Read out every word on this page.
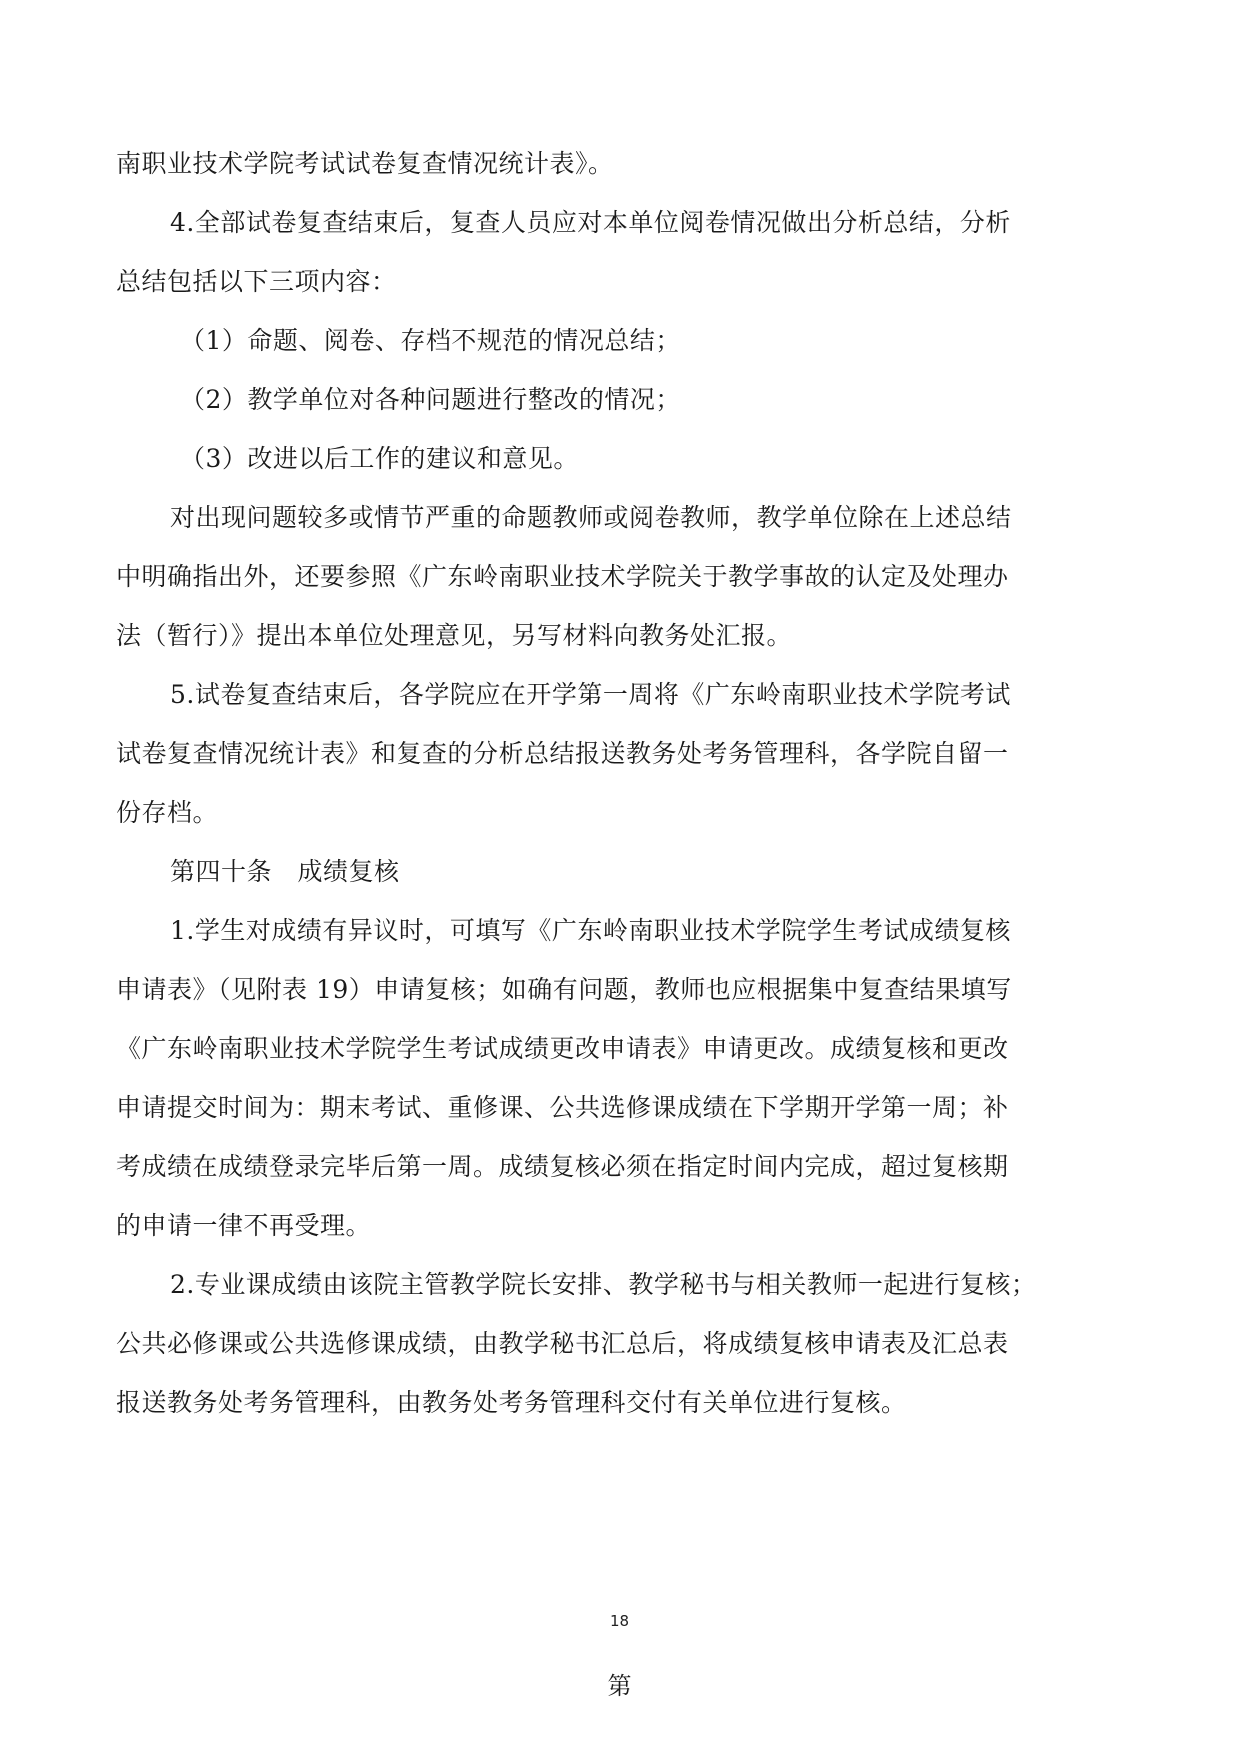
南职业技术学院考试试卷复查情况统计表》。
4.全部试卷复查结束后，复查人员应对本单位阅卷情况做出分析总结，分析
总结包括以下三项内容：
（1）命题、阅卷、存档不规范的情况总结；
（2）教学单位对各种问题进行整改的情况；
（3）改进以后工作的建议和意见。
对出现问题较多或情节严重的命题教师或阅卷教师，教学单位除在上述总结
中明确指出外，还要参照《广东岭南职业技术学院关于教学事故的认定及处理办
法（暂行）》提出本单位处理意见，另写材料向教务处汇报。
5.试卷复查结束后，各学院应在开学第一周将《广东岭南职业技术学院考试
试卷复查情况统计表》和复查的分析总结报送教务处考务管理科，各学院自留一
份存档。
第四十条　成绩复核
1.学生对成绩有异议时，可填写《广东岭南职业技术学院学生考试成绩复核
申请表》（见附表 19）申请复核；如确有问题，教师也应根据集中复查结果填写
《广东岭南职业技术学院学生考试成绩更改申请表》申请更改。成绩复核和更改
申请提交时间为：期末考试、重修课、公共选修课成绩在下学期开学第一周；补
考成绩在成绩登录完毕后第一周。成绩复核必须在指定时间内完成，超过复核期
的申请一律不再受理。
2.专业课成绩由该院主管教学院长安排、教学秘书与相关教师一起进行复核；
公共必修课或公共选修课成绩，由教学秘书汇总后，将成绩复核申请表及汇总表
报送教务处考务管理科，由教务处考务管理科交付有关单位进行复核。
18
第
